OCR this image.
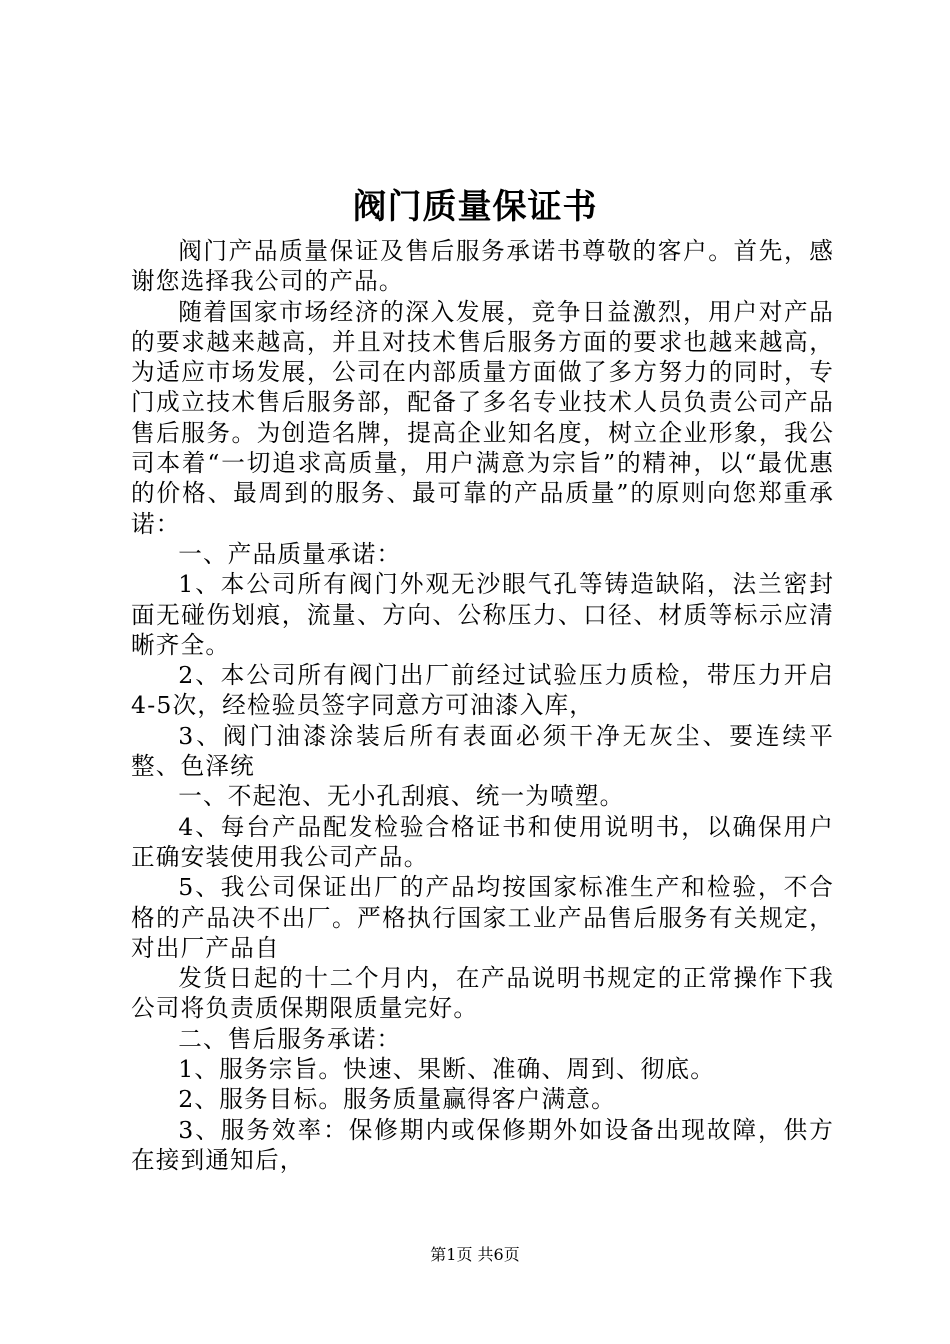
阀门质量保证书

阀门产品质量保证及售后服务承诺书尊敬的客户。首先，感谢您选择我公司的产品。

随着国家市场经济的深入发展，竞争日益激烈，用户对产品的要求越来越高，并且对技术售后服务方面的要求也越来越高，为适应市场发展，公司在内部质量方面做了多方努力的同时，专门成立技术售后服务部，配备了多名专业技术人员负责公司产品售后服务。为创造名牌，提高企业知名度，树立企业形象，我公司本着“一切追求高质量，用户满意为宗旨”的精神，以“最优惠的价格、最周到的服务、最可靠的产品质量”的原则向您郑重承诺：

一、产品质量承诺：

1、本公司所有阀门外观无沙眼气孔等铸造缺陷，法兰密封面无碰伤划痕，流量、方向、公称压力、口径、材质等标示应清晰齐全。

2、本公司所有阀门出厂前经过试验压力质检，带压力开启4-5次，经检验员签字同意方可油漆入库，

3、阀门油漆涂装后所有表面必须干净无灰尘、要连续平整、色泽统

一、不起泡、无小孔刮痕、统一为喷塑。

4、每台产品配发检验合格证书和使用说明书，以确保用户正确安装使用我公司产品。

5、我公司保证出厂的产品均按国家标准生产和检验，不合格的产品决不出厂。严格执行国家工业产品售后服务有关规定，对出厂产品自

发货日起的十二个月内，在产品说明书规定的正常操作下我公司将负责质保期限质量完好。

二、售后服务承诺：

1、服务宗旨。快速、果断、准确、周到、彻底。

2、服务目标。服务质量赢得客户满意。

3、服务效率：保修期内或保修期外如设备出现故障，供方在接到通知后，

第1页 共6页
